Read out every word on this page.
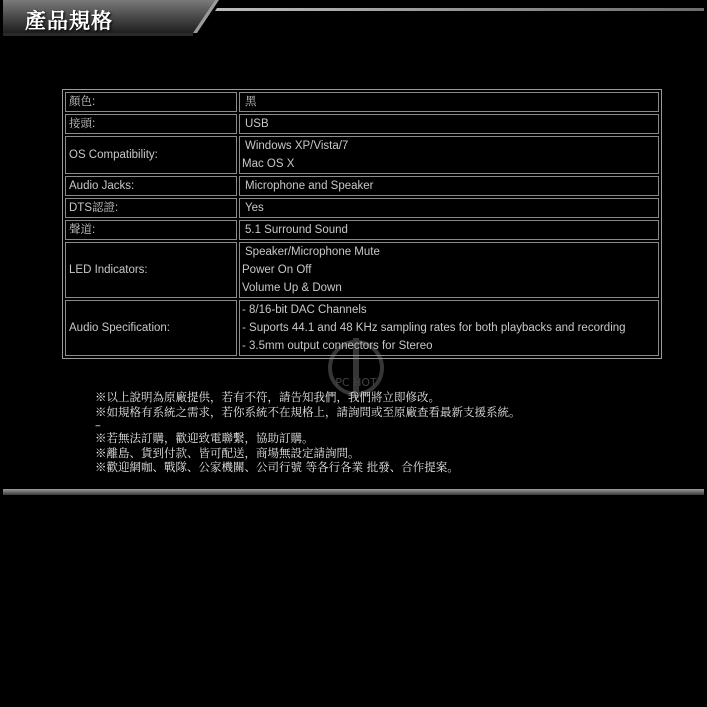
產品規格
顏色:	黑

接頭:	USB

OS Compatibility:	Windows XP/Vista/7
Mac OS X

Audio Jacks:	Microphone and Speaker

DTS認證:	Yes

聲道:	5.1 Surround Sound

LED Indicators:	Speaker/Microphone Mute
Power On Off
Volume Up & Down

Audio Specification:	- 8/16-bit DAC Channels
- Suports 44.1 and 48 KHz sampling rates for both playbacks and recording
- 3.5mm output connectors for Stereo
PC HOT
※以上說明為原廠提供，若有不符，請告知我們，我們將立即修改。
※如規格有系統之需求，若你系統不在規格上，請詢問或至原廠查看最新支援系統。
–
※若無法訂購，歡迎致電聯繫，協助訂購。
※離島、貨到付款、皆可配送，商場無設定請詢問。
※歡迎網咖、戰隊、公家機關、公司行號 等各行各業 批發、合作提案。
